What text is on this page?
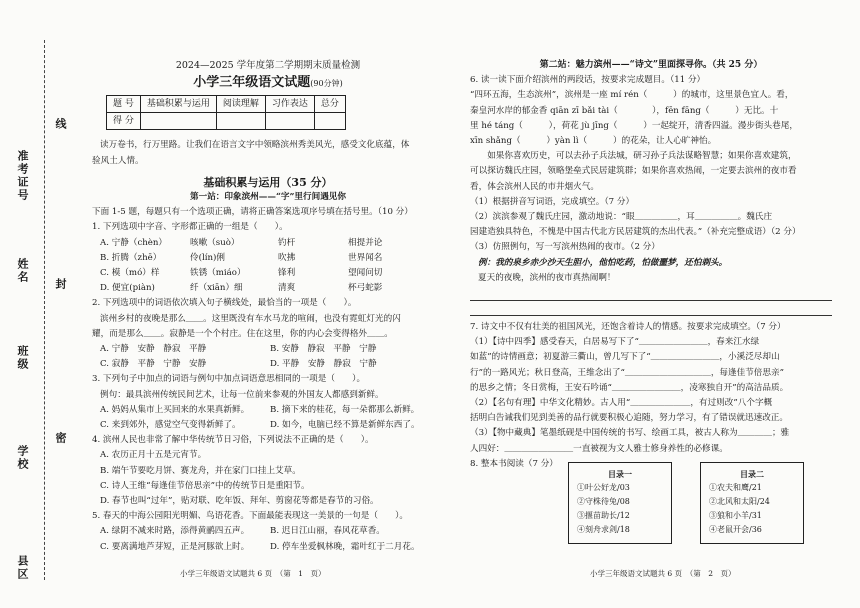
准考证号
姓名
班级
学校
县区
线
封
密

2024—2025 学年度第二学期期末质量检测

小学三年级语文试题(90分钟)

题 号	基础积累与运用	阅读理解	习作表达	总分
得 分				

读万卷书，行万里路。让我们在语言文字中领略滨州秀美风光，感受文化底蕴，体

验风土人情。

基础积累与运用（35 分）

第一站：印象滨州——“字”里行间遇见你

下面 1-5 题，每题只有一个选项正确，请将正确答案选项序号填在括号里。（10 分）

1. 下列选项中字音、字形都正确的一组是（　　）。

A. 宁静（chèn）	咳嗽（suò）	钓杆	相提并论

B. 折腾（zhē）	伶(lín)俐	吹拂	世界闻名

C. 模（mó）样	铁锈（miáo）	锋利	望闻问切

D. 便宜(piàn)	纤（xiān）细	清爽	杯弓蛇影

2. 下列选项中的词语依次填入句子横线处，最恰当的一项是（　　）。

滨州乡村的夜晚是那么＿＿。这里既没有车水马龙的喧闹，也没有霓虹灯光的闪

耀，而是那么＿＿。寂静是一个个村庄。住在这里，你的内心会变得格外＿＿。

A. 宁静　安静　静寂　平静	B. 安静　静寂　平静　宁静

C. 寂静　平静　宁静　安静	D. 平静　安静　静寂　宁静

3. 下列句子中加点的词语与例句中加点词语意思相同的一项是（　　）。

例句：最具滨州传统民间艺术，让每一位前来参观的外国友人都感到新鲜。

A. 妈妈从集市上买回来的水果真新鲜。 B. 摘下来的桂花，每一朵都那么新鲜。

C. 来到郊外，感觉空气变得新鲜了。	D. 如今，电脑已经不算是新鲜东西了。

4. 滨州人民也非常了解中华传统节日习俗，下列说法不正确的是（　　）。

A. 农历正月十五是元宵节。

B. 端午节要吃月饼、赛龙舟，并在家门口挂上艾草。

C. 诗人王维“每逢佳节倍思亲”中的传统节日是重阳节。

D. 春节也叫“过年”，贴对联、吃年饭、拜年、剪窗花等都是春节的习俗。

5. 春天的中海公园阳光明媚、鸟语花香。下面最能表现这一美景的一句是（　　）。

A. 绿阴不减来时路，添得黄鹂四五声。 B. 迟日江山丽，春风花草香。

C. 要离满地芦芽短，正是河豚欲上时。 D. 停车坐爱枫林晚，霜叶红于二月花。

小学三年级语文试题共 6 页　（第　1　页）

第二站：魅力滨州——“诗文”里面探寻你。（共 25 分）

6. 读一读下面介绍滨州的两段话，按要求完成题目。（11 分）

“四环五海，生态滨州”，滨州是一座 mí rén（　　　）的城市，这里景色宜人。看，

秦皇河水岸的郁金香 qiān zī bǎi tài（　　　　），fēn fāng（　　　）无比。十

里 hé táng（　　　），荷花 jù jīng（　　　）一起绽开，清香四溢。漫步街头巷尾，

xīn shǎng（　　　）yàn lì（　　　）的花朵，让人心旷神怡。

　　如果你喜欢历史，可以去孙子兵法城，研习孙子兵法谋略智慧；如果你喜欢建筑，

可以探访魏氏庄园，领略堡垒式民居建筑群；如果你喜欢热闹，一定要去滨州的夜市看

看，体会滨州人民的市井烟火气。

（1）根据拼音写词语，完成填空。（7 分）

（2）滨滨参观了魏氏庄园，激动地说：“眼＿＿＿＿＿，耳＿＿＿＿＿。魏氏庄

园建造独具特色，不愧是中国古代北方民居建筑的杰出代表。”（补充完整成语）（2 分）

（3）仿照例句，写一写滨州热闹的夜市。（2 分）

例：我的泉乡赤少沙天生胆小，他怕吃药，怕做噩梦，还怕剃头。

夏天的夜晚，滨州的夜市真热闹啊！

7. 诗文中不仅有壮美的祖国风光，还饱含着诗人的情感。按要求完成填空。（7 分）

（1）【诗中四季】感受春天，白居易写下了“＿＿＿＿＿＿＿＿，春来江水绿

如蓝”的诗情画意；初夏游三衢山，曾几写下了“＿＿＿＿＿＿＿＿，小溪泛尽却山

行”的一路风光；秋日登高，王维念出了“＿＿＿＿＿＿＿＿＿＿，每逢佳节倍思亲”

的思乡之情；冬日赏梅，王安石吟诵“＿＿＿＿＿＿＿＿，凌寒独自开”的高洁品质。

（2）【名句有理】中华文化精妙。古人用“＿＿＿＿＿＿＿，有过则改”八个字概

括明白告诫我们见到美善的品行就要积极心追随，努力学习，有了错误就迅速改正。

（3）【物中藏典】笔墨纸砚是中国传统的书写、绘画工具，被古人称为＿＿＿＿；雅

人四好：＿＿＿＿＿＿＿＿一直被视为文人雅士修身养性的必修课。

8. 整本书阅读（7 分）

目录一

①叶公好龙/03

②守株待兔/08

③揠苗助长/12

④刻舟求剑/18

目录二

①农夫和鹰/21

②北风和太阳/24

③狼和小羊/31

④老鼠开会/36

小学三年级语文试题共 6 页　（第　2　页）
